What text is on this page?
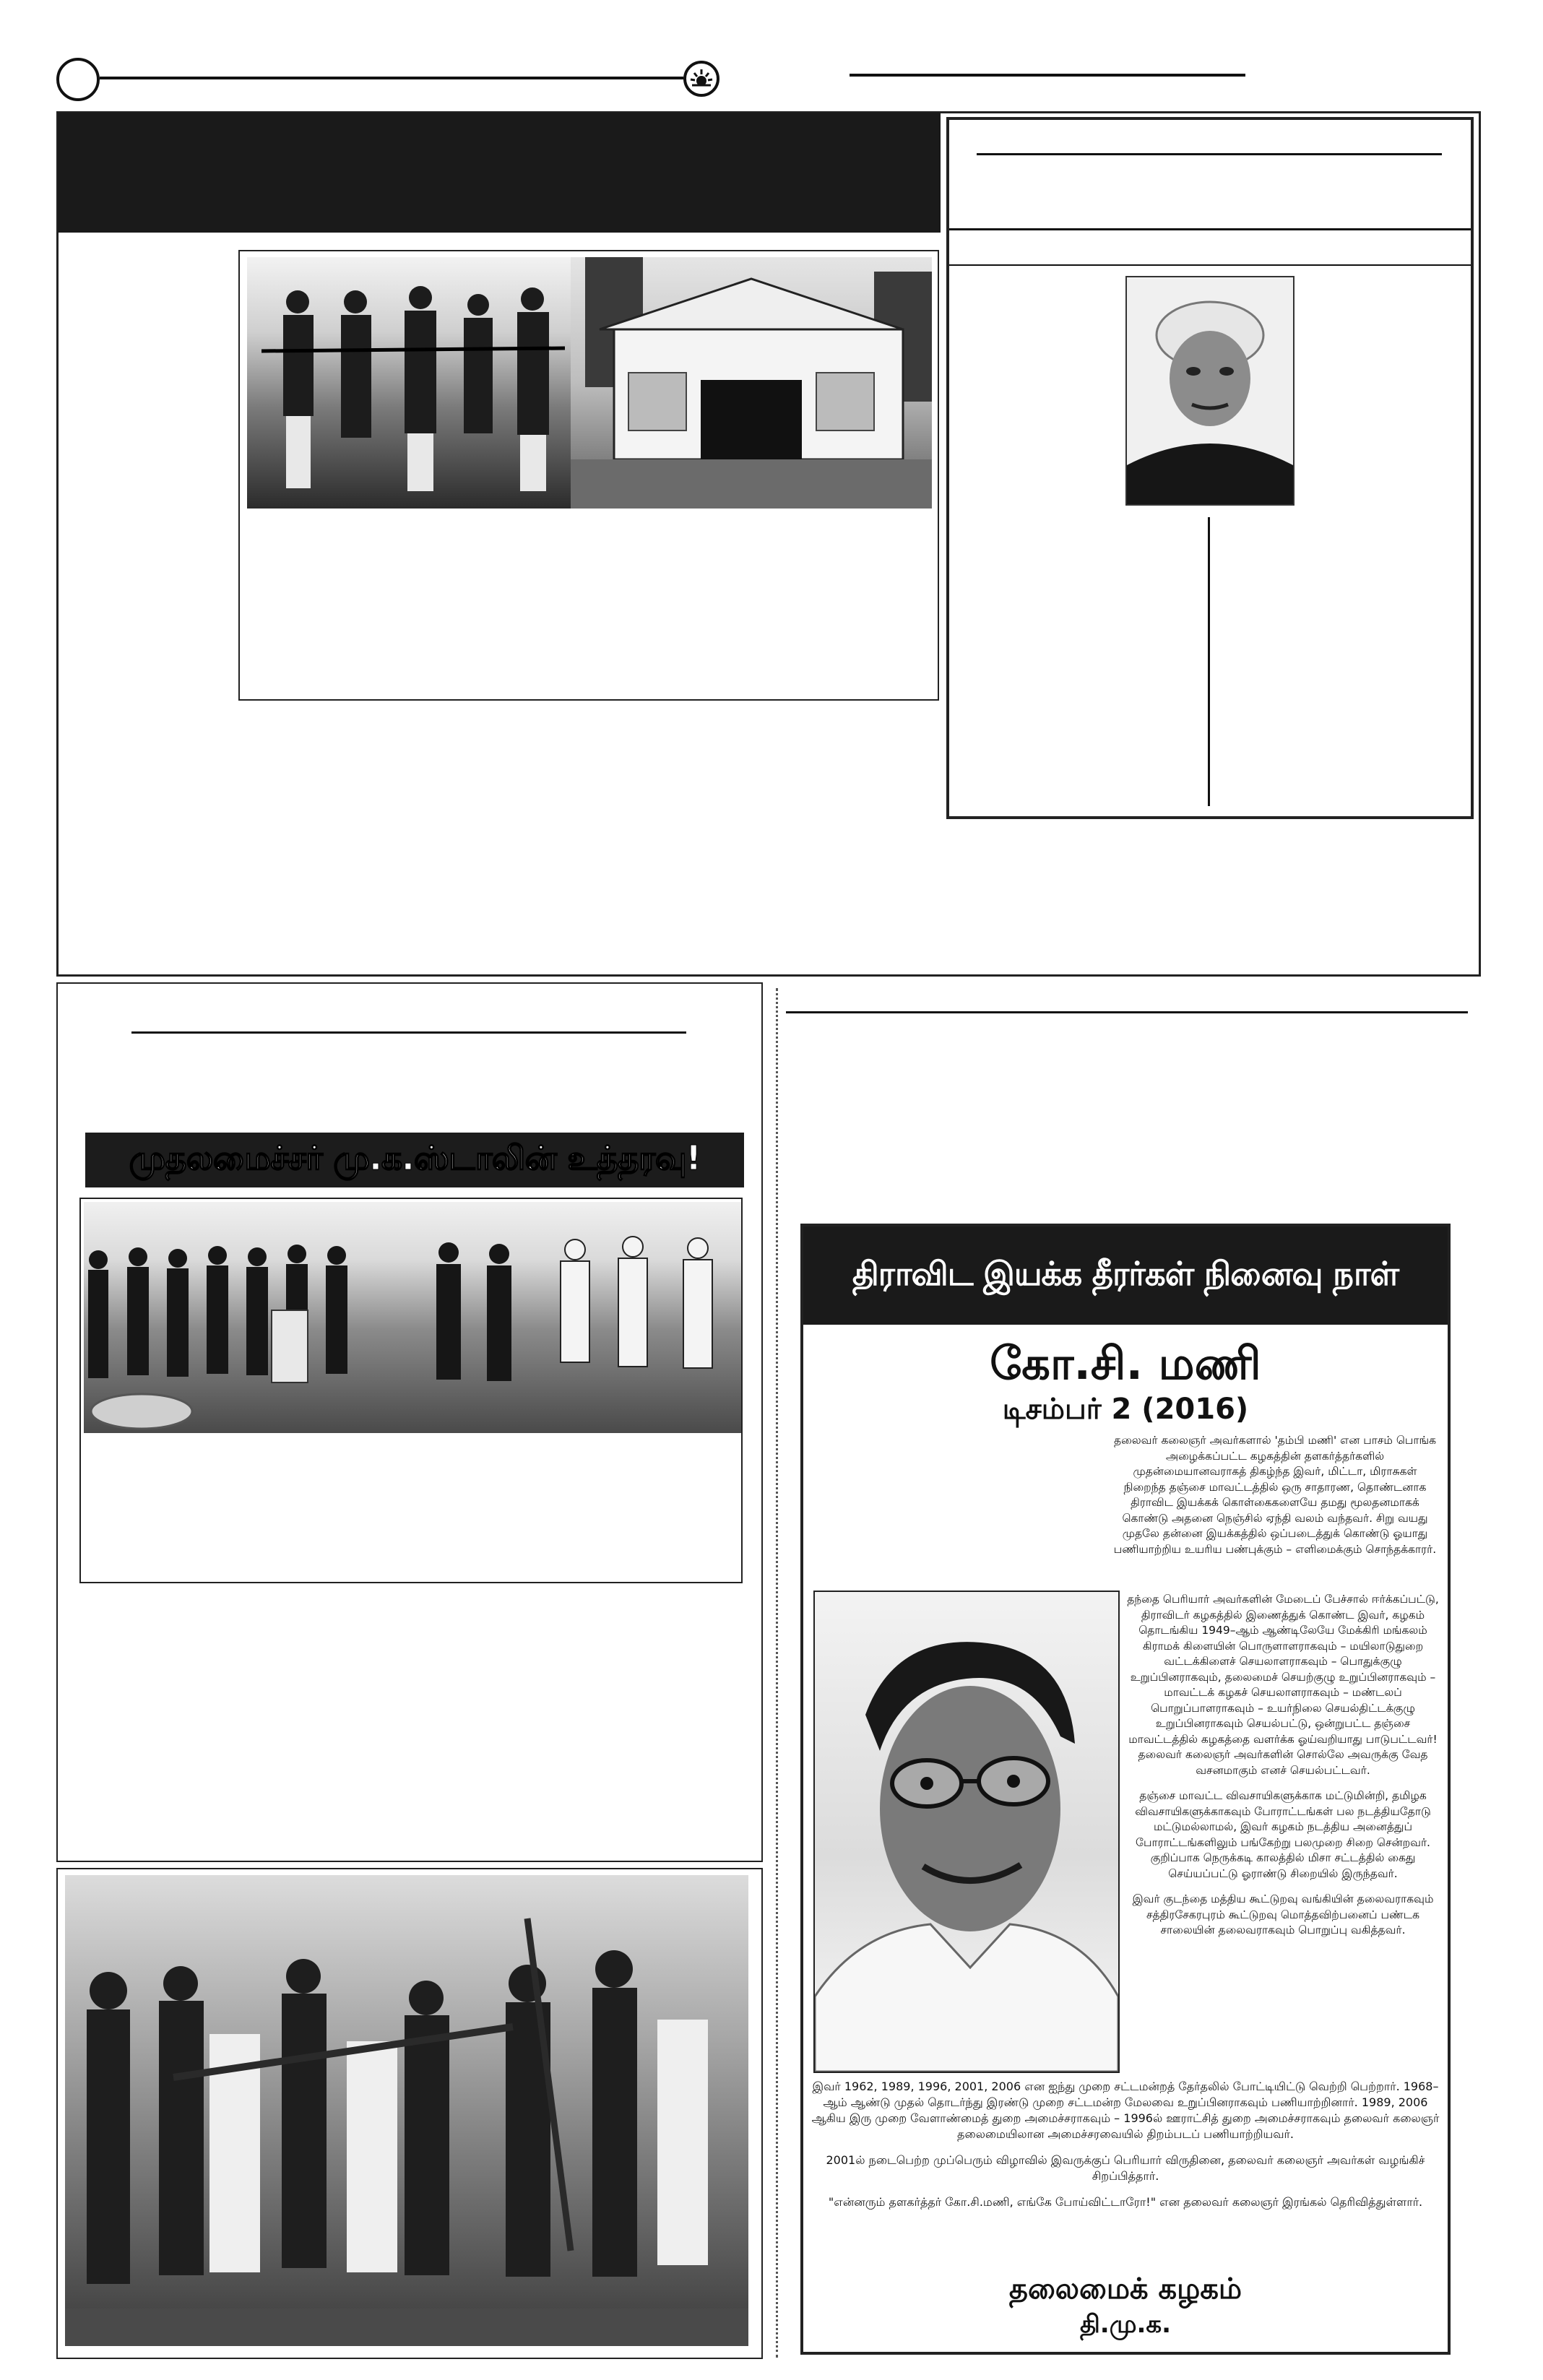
முதலமைச்சர் மு.க.ஸ்டாலின் உத்தரவு!
திராவிட இயக்க தீரர்கள் நினைவு நாள்
கோ.சி. மணி
டிசம்பர் 2 (2016)

தலைவர் கலைஞர் அவர்களால் 'தம்பி மணி' என பாசம் பொங்க அழைக்கப்பட்ட கழகத்தின் தளகர்த்தர்களில் முதன்மையானவராகத் திகழ்ந்த இவர், மிட்டா, மிராசுகள் நிறைந்த தஞ்சை மாவட்டத்தில் ஒரு சாதாரண, தொண்டனாக திராவிட இயக்கக் கொள்கைகளையே தமது மூலதனமாகக் கொண்டு அதனை நெஞ்சில் ஏந்தி வலம் வந்தவர். சிறு வயது முதலே தன்னை இயக்கத்தில் ஒப்படைத்துக் கொண்டு ஓயாது பணியாற்றிய உயரிய பண்புக்கும் – எளிமைக்கும் சொந்தக்காரர்.

தந்தை பெரியார் அவர்களின் மேடைப் பேச்சால் ஈர்க்கப்பட்டு, திராவிடர் கழகத்தில் இணைத்துக் கொண்ட இவர், கழகம் தொடங்கிய 1949–ஆம் ஆண்டிலேயே மேக்கிரி மங்கலம் கிராமக் கிளையின் பொருளாளராகவும் – மயிலாடுதுறை வட்டக்கிளைச் செயலாளராகவும் – பொதுக்குழு உறுப்பினராகவும், தலைமைச் செயற்குழு உறுப்பினராகவும் – மாவட்டக் கழகச் செயலாளராகவும் – மண்டலப் பொறுப்பாளராகவும் – உயர்நிலை செயல்திட்டக்குழு உறுப்பினராகவும் செயல்பட்டு, ஒன்றுபட்ட தஞ்சை மாவட்டத்தில் கழகத்தை வளர்க்க ஓய்வறியாது பாடுபட்டவர்! தலைவர் கலைஞர் அவர்களின் சொல்லே அவருக்கு வேத வசனமாகும் எனச் செயல்பட்டவர்.

தஞ்சை மாவட்ட விவசாயிகளுக்காக மட்டுமின்றி, தமிழக விவசாயிகளுக்காகவும் போராட்டங்கள் பல நடத்தியதோடு மட்டுமல்லாமல், இவர் கழகம் நடத்திய அனைத்துப் போராட்டங்களிலும் பங்கேற்று பலமுறை சிறை சென்றவர். குறிப்பாக நெருக்கடி காலத்தில் மிசா சட்டத்தில் கைது செய்யப்பட்டு ஓராண்டு சிறையில் இருந்தவர்.

இவர் குடந்தை மத்திய கூட்டுறவு வங்கியின் தலைவராகவும் சத்திரசேகரபுரம் கூட்டுறவு மொத்தவிற்பனைப் பண்டக சாலையின் தலைவராகவும் பொறுப்பு வகித்தவர்.

இவர் 1962, 1989, 1996, 2001, 2006 என ஐந்து முறை சட்டமன்றத் தேர்தலில் போட்டியிட்டு வெற்றி பெற்றார். 1968–ஆம் ஆண்டு முதல் தொடர்ந்து இரண்டு முறை சட்டமன்ற மேலவை உறுப்பினராகவும் பணியாற்றினார். 1989, 2006 ஆகிய இரு முறை வேளாண்மைத் துறை அமைச்சராகவும் – 1996ல் ஊராட்சித் துறை அமைச்சராகவும் தலைவர் கலைஞர் தலைமையிலான அமைச்சரவையில் திறம்படப் பணியாற்றியவர்.

2001ல் நடைபெற்ற முப்பெரும் விழாவில் இவருக்குப் பெரியார் விருதினை, தலைவர் கலைஞர் அவர்கள் வழங்கிச் சிறப்பித்தார்.

"என்னரும் தளகர்த்தர் கோ.சி.மணி, எங்கே போய்விட்டாரோ!" என தலைவர் கலைஞர் இரங்கல் தெரிவித்துள்ளார்.

தலைமைக் கழகம்
தி.மு.க.
